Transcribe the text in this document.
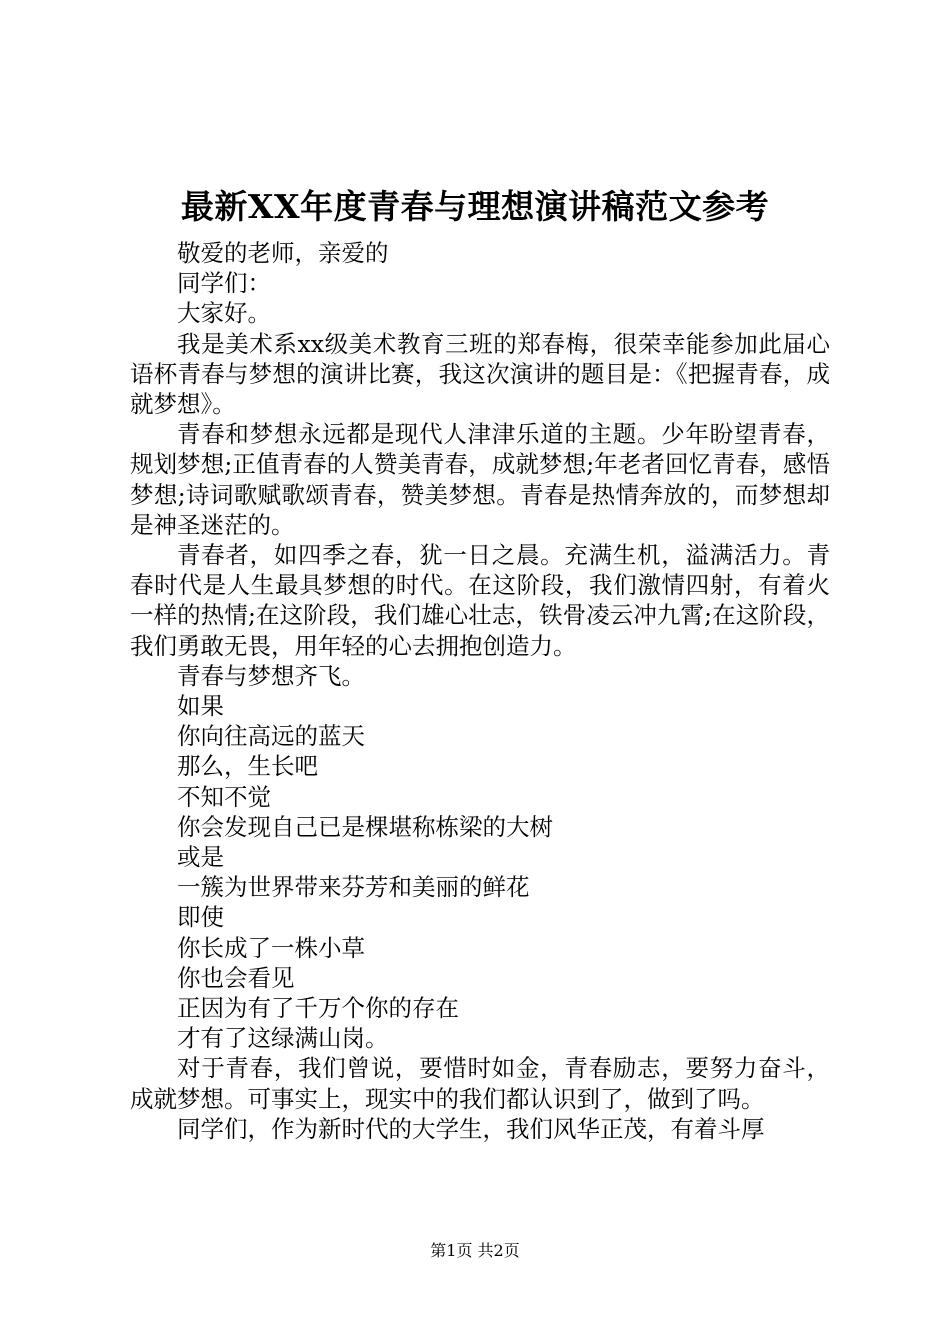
最新XX年度青春与理想演讲稿范文参考

敬爱的老师，亲爱的

同学们：

大家好。

我是美术系xx级美术教育三班的郑春梅，很荣幸能参加此届心语杯青春与梦想的演讲比赛，我这次演讲的题目是：《把握青春，成就梦想》。

青春和梦想永远都是现代人津津乐道的主题。少年盼望青春，规划梦想;正值青春的人赞美青春，成就梦想;年老者回忆青春，感悟梦想;诗词歌赋歌颂青春，赞美梦想。青春是热情奔放的，而梦想却是神圣迷茫的。

青春者，如四季之春，犹一日之晨。充满生机，溢满活力。青春时代是人生最具梦想的时代。在这阶段，我们激情四射，有着火一样的热情;在这阶段，我们雄心壮志，铁骨凌云冲九霄;在这阶段，我们勇敢无畏，用年轻的心去拥抱创造力。

青春与梦想齐飞。

如果

你向往高远的蓝天

那么，生长吧

不知不觉

你会发现自己已是棵堪称栋梁的大树

或是

一簇为世界带来芬芳和美丽的鲜花

即使

你长成了一株小草

你也会看见

正因为有了千万个你的存在

才有了这绿满山岗。

对于青春，我们曾说，要惜时如金，青春励志，要努力奋斗，成就梦想。可事实上，现实中的我们都认识到了，做到了吗。

同学们，作为新时代的大学生，我们风华正茂，有着斗厚

第1页 共2页
